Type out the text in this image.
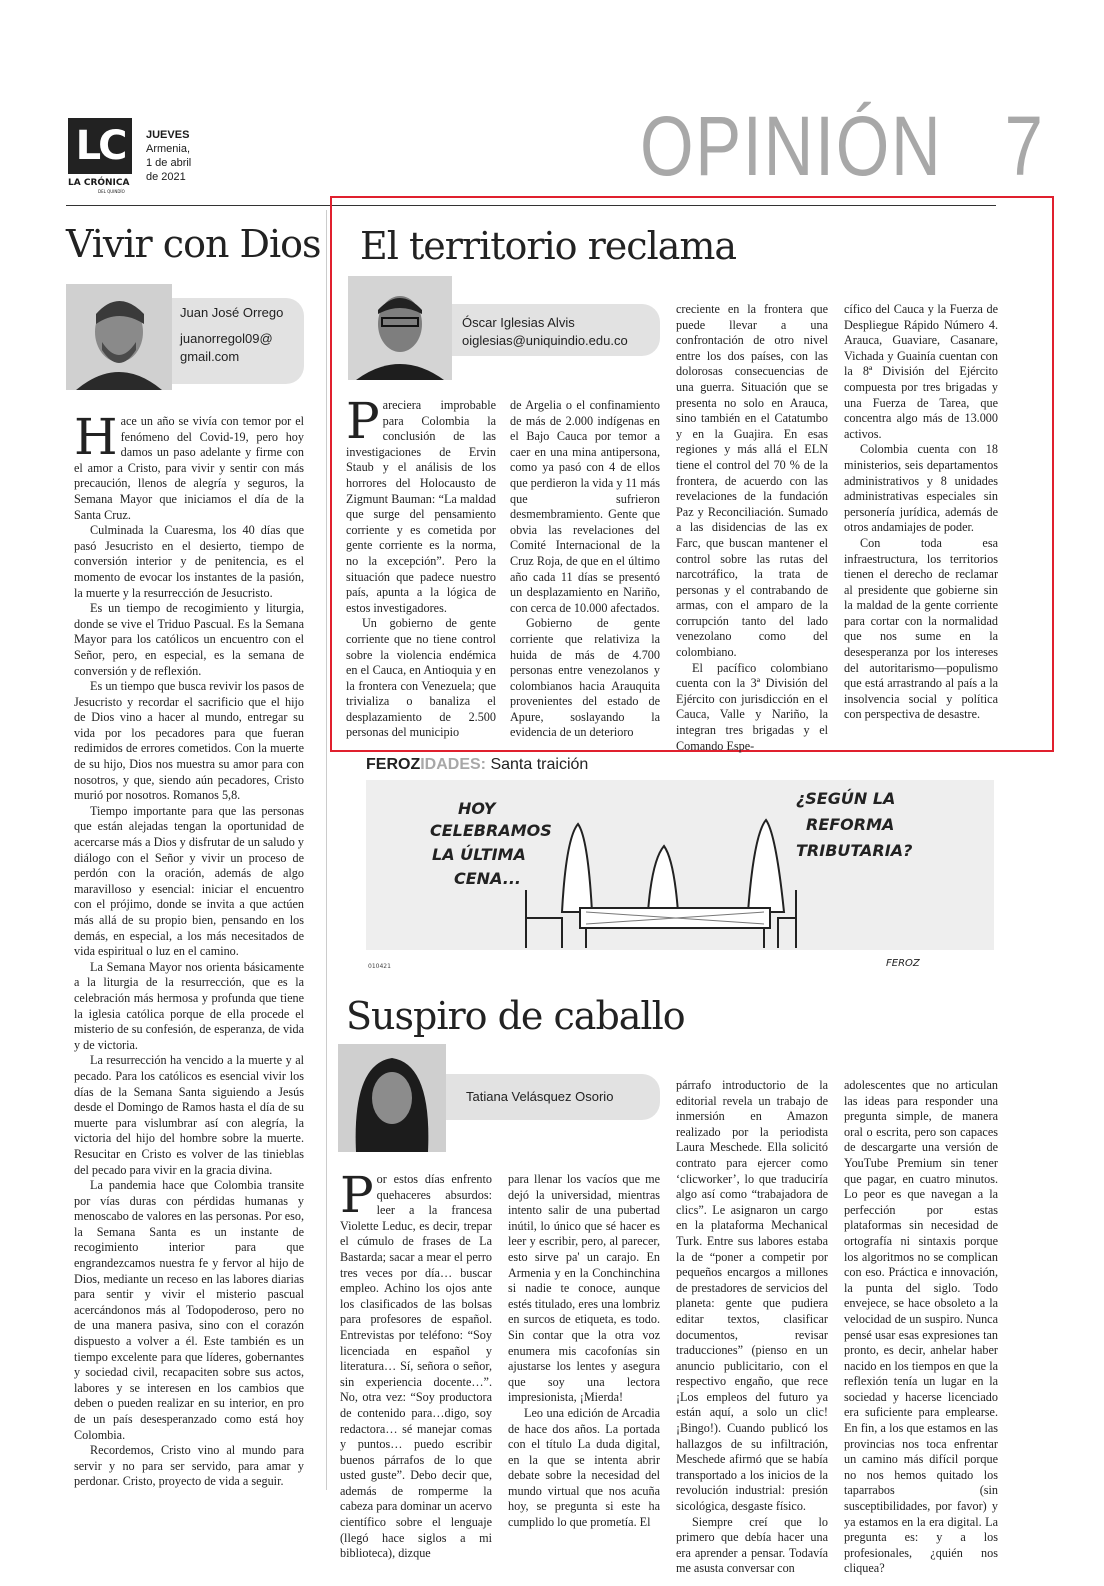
LC
LA CRÓNICA
DEL QUINDÍO
JUEVES
Armenia,
1 de abril
de 2021	OPINIÓN 7
Vivir con Dios
Juan José Orrego
juanorregol09@
gmail.com

Hace un año se vivía con temor por el fenómeno del Covid-19, pero hoy damos un paso adelante y firme con el amor a Cristo, para vivir y sentir con más precaución, llenos de alegría y seguros, la Semana Mayor que iniciamos el día de la Santa Cruz.

Culminada la Cuaresma, los 40 días que pasó Jesucristo en el desierto, tiempo de conversión interior y de penitencia, es el momento de evocar los instantes de la pasión, la muerte y la resurrección de Jesucristo.

Es un tiempo de recogimiento y liturgia, donde se vive el Triduo Pascual. Es la Semana Mayor para los católicos un encuentro con el Señor, pero, en especial, es la semana de conversión y de reflexión.

Es un tiempo que busca revivir los pasos de Jesucristo y recordar el sacrificio que el hijo de Dios vino a hacer al mundo, entregar su vida por los pecadores para que fueran redimidos de errores cometidos. Con la muerte de su hijo, Dios nos muestra su amor para con nosotros, y que, siendo aún pecadores, Cristo murió por nosotros. Romanos 5,8.

Tiempo importante para que las personas que están alejadas tengan la oportunidad de acercarse más a Dios y disfrutar de un saludo y diálogo con el Señor y vivir un proceso de perdón con la oración, además de algo maravilloso y esencial: iniciar el encuentro con el prójimo, donde se invita a que actúen más allá de su propio bien, pensando en los demás, en especial, a los más necesitados de vida espiritual o luz en el camino.

La Semana Mayor nos orienta básicamente a la liturgia de la resurrección, que es la celebración más hermosa y profunda que tiene la iglesia católica porque de ella procede el misterio de su confesión, de esperanza, de vida y de victoria.

La resurrección ha vencido a la muerte y al pecado. Para los católicos es esencial vivir los días de la Semana Santa siguiendo a Jesús desde el Domingo de Ramos hasta el día de su muerte para vislumbrar así con alegría, la victoria del hijo del hombre sobre la muerte. Resucitar en Cristo es volver de las tinieblas del pecado para vivir en la gracia divina.

La pandemia hace que Colombia transite por vías duras con pérdidas humanas y menoscabo de valores en las personas. Por eso, la Semana Santa es un instante de recogimiento interior para que engrandezcamos nuestra fe y fervor al hijo de Dios, mediante un receso en las labores diarias para sentir y vivir el misterio pascual acercándonos más al Todopoderoso, pero no de una manera pasiva, sino con el corazón dispuesto a volver a él. Este también es un tiempo excelente para que líderes, gobernantes y sociedad civil, recapaciten sobre sus actos, labores y se interesen en los cambios que deben o pueden realizar en su interior, en pro de un país desesperanzado como está hoy Colombia.

Recordemos, Cristo vino al mundo para servir y no para ser servido, para amar y perdonar. Cristo, proyecto de vida a seguir.

El territorio reclama
Óscar Iglesias Alvis
oiglesias@uniquindio.edu.co

Pareciera improbable para Colombia la conclusión de las investigaciones de Ervin Staub y el análisis de los horrores del Holocausto de Zigmunt Bauman: “La maldad que surge del pensamiento corriente y es cometida por gente corriente es la norma, no la excepción”. Pero la situación que padece nuestro país, apunta a la lógica de estos investigadores.

Un gobierno de gente corriente que no tiene control sobre la violencia endémica en el Cauca, en Antioquia y en la frontera con Venezuela; que trivializa o banaliza el desplazamiento de 2.500 personas del municipio

de Argelia o el confinamiento de más de 2.000 indígenas en el Bajo Cauca por temor a caer en una mina antipersona, como ya pasó con 4 de ellos que perdieron la vida y 11 más que sufrieron desmembramiento. Gente que obvia las revelaciones del Comité Internacional de la Cruz Roja, de que en el último año cada 11 días se presentó un desplazamiento en Nariño, con cerca de 10.000 afectados.

Gobierno de gente corriente que relativiza la huida de más de 4.700 personas entre venezolanos y colombianos hacia Arauquita provenientes del estado de Apure, soslayando la evidencia de un deterioro

creciente en la frontera que puede llevar a una confrontación de otro nivel entre los dos países, con las dolorosas consecuencias de una guerra. Situación que se presenta no solo en Arauca, sino también en el Catatumbo y en la Guajira. En esas regiones y más allá el ELN tiene el control del 70 % de la frontera, de acuerdo con las revelaciones de la fundación Paz y Reconciliación. Sumado a las disidencias de las ex Farc, que buscan mantener el control sobre las rutas del narcotráfico, la trata de personas y el contrabando de armas, con el amparo de la corrupción tanto del lado venezolano como del colombiano.

El pacífico colombiano cuenta con la 3ª División del Ejército con jurisdicción en el Cauca, Valle y Nariño, la integran tres brigadas y el Comando Espe-

cífico del Cauca y la Fuerza de Despliegue Rápido Número 4. Arauca, Guaviare, Casanare, Vichada y Guainía cuentan con la 8ª División del Ejército compuesta por tres brigadas y una Fuerza de Tarea, que concentra algo más de 13.000 activos.

Colombia cuenta con 18 ministerios, seis departamentos administrativos y 8 unidades administrativas especiales sin personería jurídica, además de otros andamiajes de poder.

Con toda esa infraestructura, los territorios tienen el derecho de reclamar al presidente que gobierne sin la maldad de la gente corriente para cortar con la normalidad que nos sume en la desesperanza por los intereses del autoritarismo—populismo que está arrastrando al país a la insolvencia social y política con perspectiva de desastre.

FEROZIDADES: Santa traición
HOY
CELEBRAMOS
LA ÚLTIMA
CENA...
¿SEGÚN LA
REFORMA
TRIBUTARIA?
010421	FEROZ
Suspiro de caballo
Tatiana Velásquez Osorio

Por estos días enfrento quehaceres absurdos: leer a la francesa Violette Leduc, es decir, trepar el cúmulo de frases de La Bastarda; sacar a mear el perro tres veces por día… buscar empleo. Achino los ojos ante los clasificados de las bolsas para profesores de español. Entrevistas por teléfono: “Soy licenciada en español y literatura… Sí, señora o señor, sin experiencia docente…”. No, otra vez: “Soy productora de contenido para…digo, soy redactora… sé manejar comas y puntos… puedo escribir buenos párrafos de lo que usted guste”. Debo decir que, además de romperme la cabeza para dominar un acervo científico sobre el lenguaje (llegó hace siglos a mi biblioteca), dizque

para llenar los vacíos que me dejó la universidad, mientras intento salir de una pubertad inútil, lo único que sé hacer es leer y escribir, pero, al parecer, esto sirve pa' un carajo. En Armenia y en la Conchinchina si nadie te conoce, aunque estés titulado, eres una lombriz en surcos de etiqueta, es todo. Sin contar que la otra voz enumera mis cacofonías sin ajustarse los lentes y asegura que soy una lectora impresionista, ¡Mierda!

Leo una edición de Arcadia de hace dos años. La portada con el título La duda digital, en la que se intenta abrir debate sobre la necesidad del mundo virtual que nos acuña hoy, se pregunta si este ha cumplido lo que prometía. El

párrafo introductorio de la editorial revela un trabajo de inmersión en Amazon realizado por la periodista Laura Meschede. Ella solicitó contrato para ejercer como ‘clicworker’, lo que traduciría algo así como “trabajadora de clics”. Le asignaron un cargo en la plataforma Mechanical Turk. Entre sus labores estaba la de “poner a competir por pequeños encargos a millones de prestadores de servicios del planeta: gente que pudiera editar textos, clasificar documentos, revisar traducciones” (pienso en un anuncio publicitario, con el respectivo engaño, que rece ¡Los empleos del futuro ya están aquí, a solo un clic! ¡Bingo!). Cuando publicó los hallazgos de su infiltración, Meschede afirmó que se había transportado a los inicios de la revolución industrial: presión sicológica, desgaste físico.

Siempre creí que lo primero que debía hacer una era aprender a pensar. Todavía me asusta conversar con

adolescentes que no articulan las ideas para responder una pregunta simple, de manera oral o escrita, pero son capaces de descargarte una versión de YouTube Premium sin tener que pagar, en cuatro minutos. Lo peor es que navegan a la perfección por estas plataformas sin necesidad de ortografía ni sintaxis porque los algoritmos no se complican con eso. Práctica e innovación, la punta del siglo. Todo envejece, se hace obsoleto a la velocidad de un suspiro. Nunca pensé usar esas expresiones tan pronto, es decir, anhelar haber nacido en los tiempos en que la reflexión tenía un lugar en la sociedad y hacerse licenciado era suficiente para emplearse. En fin, a los que estamos en las provincias nos toca enfrentar un camino más difícil porque no nos hemos quitado los taparrabos (sin susceptibilidades, por favor) y ya estamos en la era digital. La pregunta es: y a los profesionales, ¿quién nos cliquea?
